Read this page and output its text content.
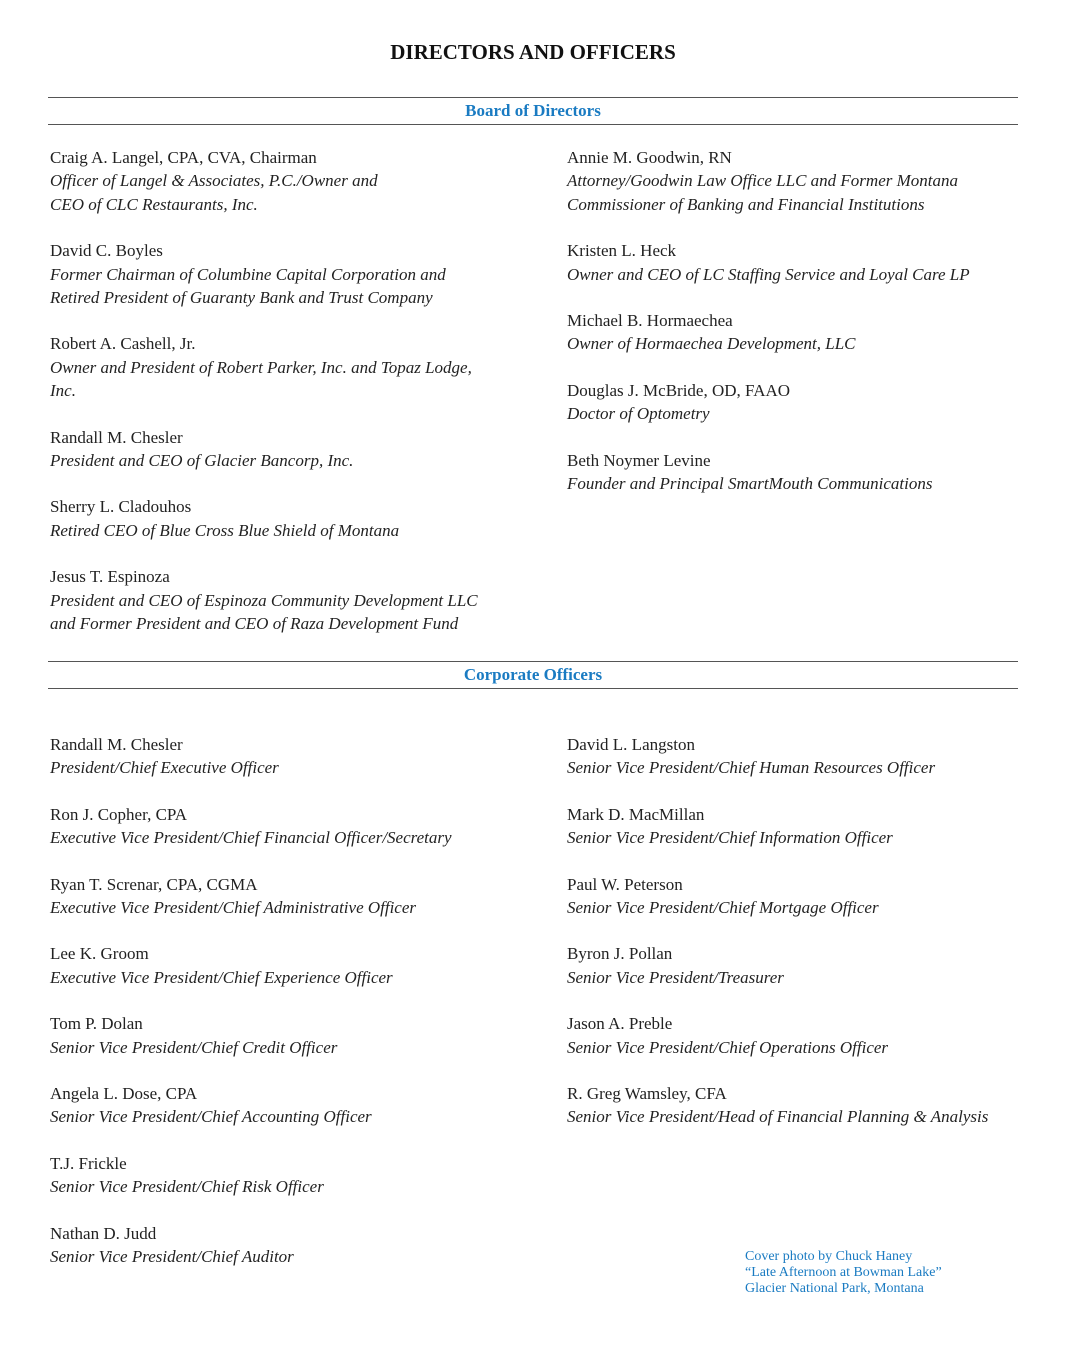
DIRECTORS AND OFFICERS
Board of Directors
Craig A. Langel, CPA, CVA, Chairman
Officer of Langel & Associates, P.C./Owner and
CEO of CLC Restaurants, Inc.
David C. Boyles
Former Chairman of Columbine Capital Corporation and
Retired President of Guaranty Bank and Trust Company
Robert A. Cashell, Jr.
Owner and President of Robert Parker, Inc. and Topaz Lodge,
Inc.
Randall M. Chesler
President and CEO of Glacier Bancorp, Inc.
Sherry L. Cladouhos
Retired CEO of Blue Cross Blue Shield of Montana
Jesus T. Espinoza
President and CEO of Espinoza Community Development LLC
and Former President and CEO of Raza Development Fund
Annie M. Goodwin, RN
Attorney/Goodwin Law Office LLC and Former Montana
Commissioner of Banking and Financial Institutions
Kristen L. Heck
Owner and CEO of LC Staffing Service and Loyal Care LP
Michael B. Hormaechea
Owner of Hormaechea Development, LLC
Douglas J. McBride, OD, FAAO
Doctor of Optometry
Beth Noymer Levine
Founder and Principal SmartMouth Communications
Corporate Officers
Randall M. Chesler
President/Chief Executive Officer
Ron J. Copher, CPA
Executive Vice President/Chief Financial Officer/Secretary
Ryan T. Screnar, CPA, CGMA
Executive Vice President/Chief Administrative Officer
Lee K. Groom
Executive Vice President/Chief Experience Officer
Tom P. Dolan
Senior Vice President/Chief Credit Officer
Angela L. Dose, CPA
Senior Vice President/Chief Accounting Officer
T.J. Frickle
Senior Vice President/Chief Risk Officer
Nathan D. Judd
Senior Vice President/Chief Auditor
David L. Langston
Senior Vice President/Chief Human Resources Officer
Mark D. MacMillan
Senior Vice President/Chief Information Officer
Paul W. Peterson
Senior Vice President/Chief Mortgage Officer
Byron J. Pollan
Senior Vice President/Treasurer
Jason A. Preble
Senior Vice President/Chief Operations Officer
R. Greg Wamsley, CFA
Senior Vice President/Head of Financial Planning & Analysis
Cover photo by Chuck Haney
“Late Afternoon at Bowman Lake”
Glacier National Park, Montana
